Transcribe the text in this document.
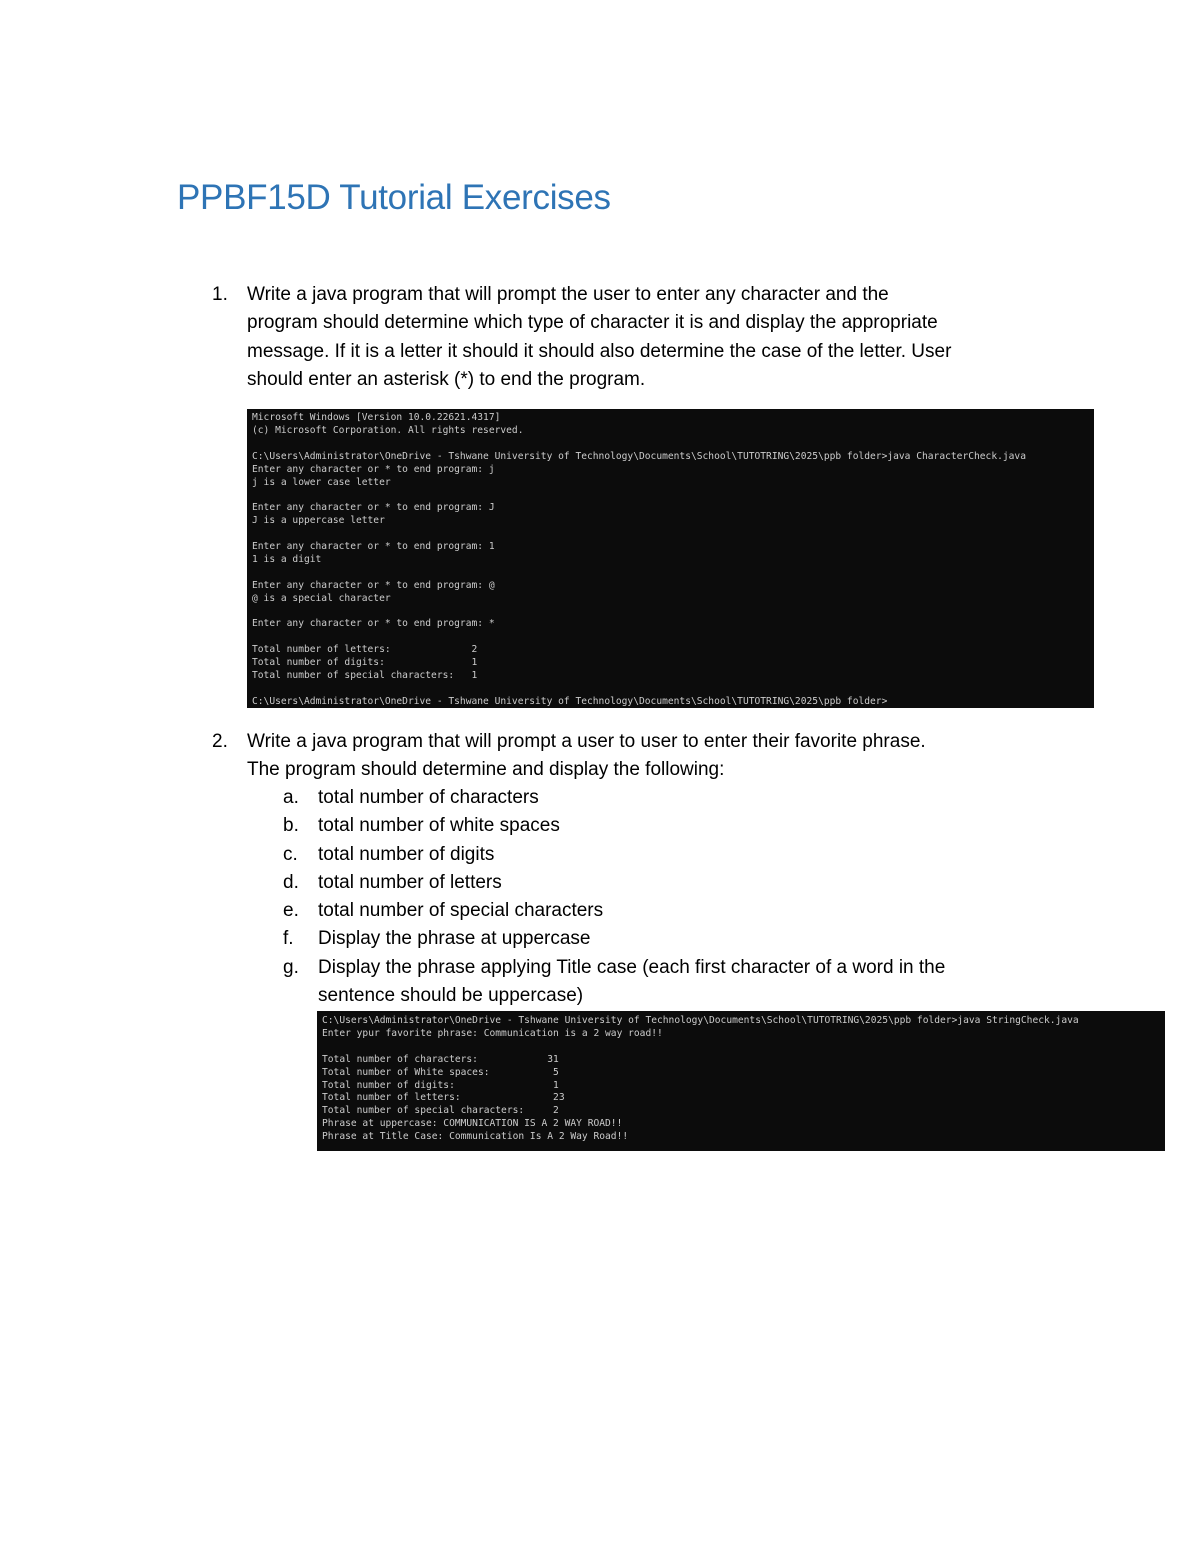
PPBF15D Tutorial Exercises
1. Write a java program that will prompt the user to enter any character and the
program should determine which type of character it is and display the appropriate
message. If it is a letter it should it should also determine the case of the letter. User
should enter an asterisk (*) to end the program.

Microsoft Windows [Version 10.0.22621.4317]
(c) Microsoft Corporation. All rights reserved.
C:\Users\Administrator\OneDrive - Tshwane University of Technology\Documents\School\TUTOTRING\2025\ppb folder>java CharacterCheck.java
Enter any character or * to end program: j
j is a lower case letter
Enter any character or * to end program: J
J is a uppercase letter
Enter any character or * to end program: 1
1 is a digit
Enter any character or * to end program: @
@ is a special character
Enter any character or * to end program: *
Total number of letters:              2
Total number of digits:               1
Total number of special characters:   1
C:\Users\Administrator\OneDrive - Tshwane University of Technology\Documents\School\TUTOTRING\2025\ppb folder>
2. Write a java program that will prompt a user to user to enter their favorite phrase.
The program should determine and display the following:

a. total number of characters
b. total number of white spaces
c. total number of digits
d. total number of letters
e. total number of special characters
f. Display the phrase at uppercase
g. Display the phrase applying Title case (each first character of a word in the
sentence should be uppercase)
C:\Users\Administrator\OneDrive - Tshwane University of Technology\Documents\School\TUTOTRING\2025\ppb folder>java StringCheck.java
Enter ypur favorite phrase: Communication is a 2 way road!!
Total number of characters:            31
Total number of White spaces:           5
Total number of digits:                 1
Total number of letters:                23
Total number of special characters:     2
Phrase at uppercase: COMMUNICATION IS A 2 WAY ROAD!!
Phrase at Title Case: Communication Is A 2 Way Road!!
